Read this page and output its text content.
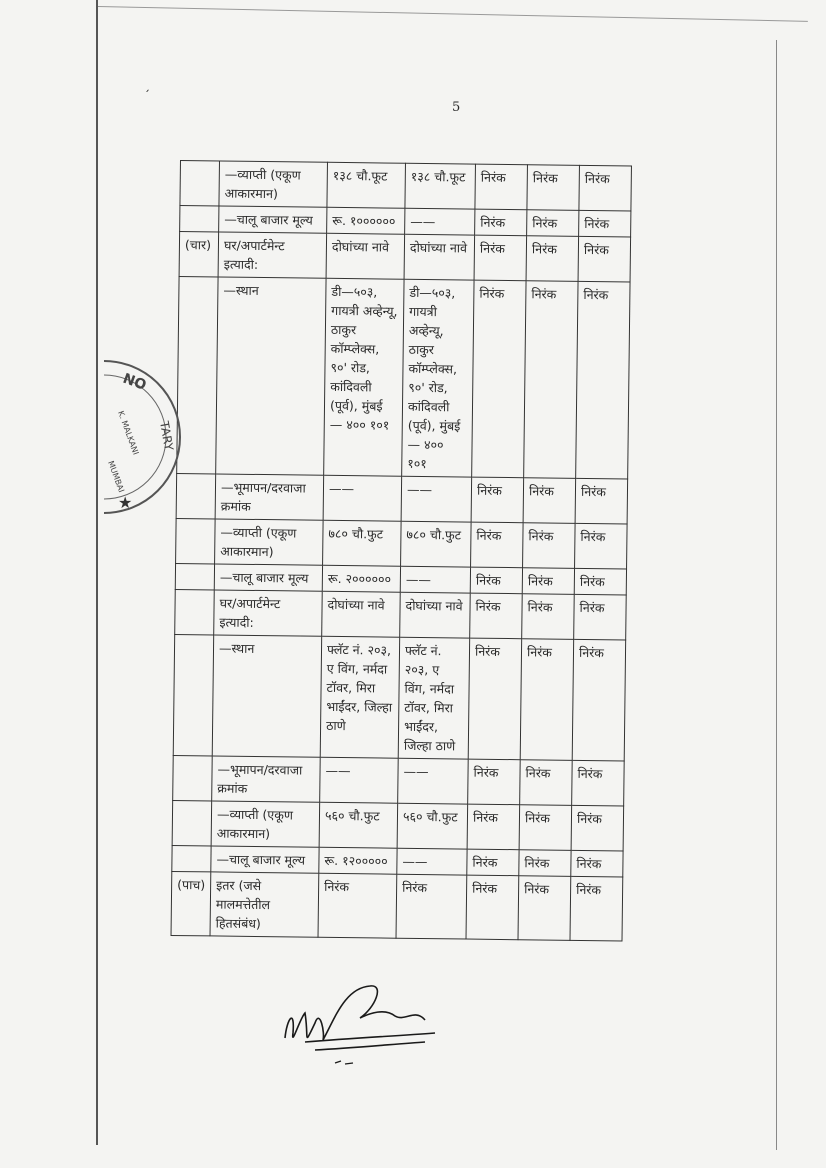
ˏ
5
	—व्याप्ती (एकूण आकारमान)	१३८ चौ.फूट	१३८ चौ.फूट	निरंक	निरंक	निरंक
	—चालू बाजार मूल्य	रू. १००००००	——	निरंक	निरंक	निरंक
(चार)	घर/अपार्टमेन्ट इत्यादी:	दोघांच्या नावे	दोघांच्या नावे	निरंक	निरंक	निरंक
	—स्थान	डी—५०३, गायत्री अव्हेन्यू, ठाकुर कॉम्प्लेक्स, ९०' रोड, कांदिवली (पूर्व), मुंबई — ४०० १०१	डी—५०३, गायत्री अव्हेन्यू, ठाकुर कॉम्प्लेक्स, ९०' रोड, कांदिवली (पूर्व), मुंबई — ४०० १०१	निरंक	निरंक	निरंक
	—भूमापन/दरवाजा क्रमांक	——	——	निरंक	निरंक	निरंक
	—व्याप्ती (एकूण आकारमान)	७८० चौ.फुट	७८० चौ.फुट	निरंक	निरंक	निरंक
	—चालू बाजार मूल्य	रू. २००००००	——	निरंक	निरंक	निरंक
	घर/अपार्टमेन्ट इत्यादी:	दोघांच्या नावे	दोघांच्या नावे	निरंक	निरंक	निरंक
	—स्थान	फ्लॅट नं. २०३, ए विंग, नर्मदा टॉवर, मिरा भाईंदर, जिल्हा ठाणे	फ्लॅट नं. २०३, ए विंग, नर्मदा टॉवर, मिरा भाईंदर, जिल्हा ठाणे	निरंक	निरंक	निरंक
	—भूमापन/दरवाजा क्रमांक	——	——	निरंक	निरंक	निरंक
	—व्याप्ती (एकूण आकारमान)	५६० चौ.फुट	५६० चौ.फुट	निरंक	निरंक	निरंक
	—चालू बाजार मूल्य	रू. १२०००००	——	निरंक	निरंक	निरंक
(पाच)	इतर (जसे मालमत्तेतील हितसंबंध)	निरंक	निरंक	निरंक	निरंक	निरंक
NO
TARY
K. MALKANI
MUMBAI
★
